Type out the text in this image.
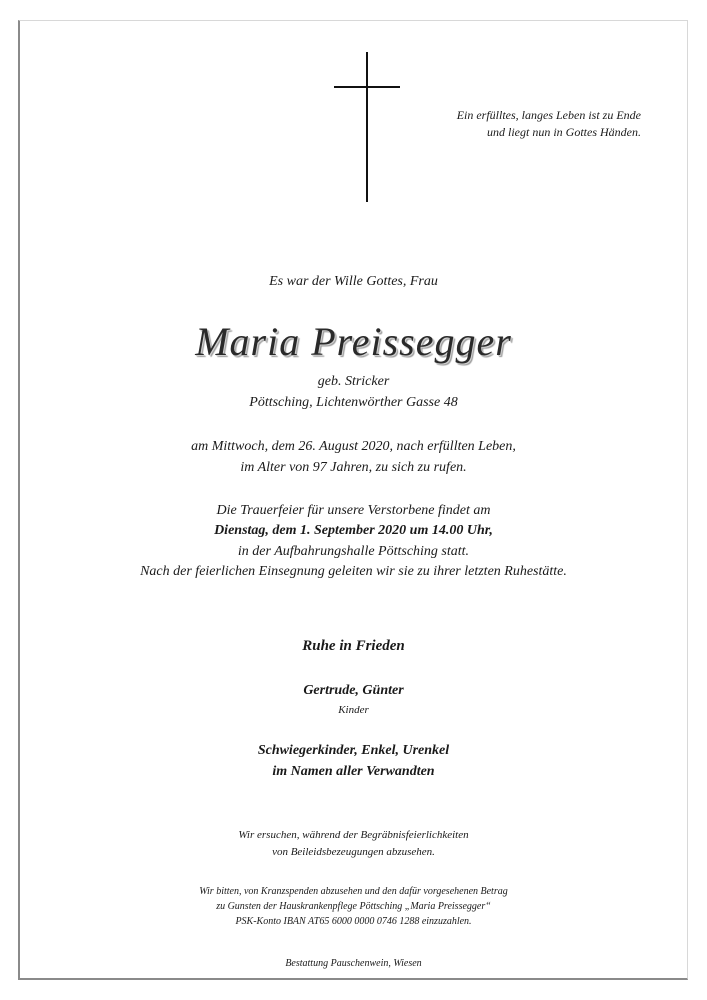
Ein erfülltes, langes Leben ist zu Ende
und liegt nun in Gottes Händen.
Es war der Wille Gottes, Frau
Maria Preissegger
geb. Stricker
Pöttsching, Lichtenwörther Gasse 48
am Mittwoch, dem 26. August 2020, nach erfüllten Leben,
im Alter von 97 Jahren, zu sich zu rufen.
Die Trauerfeier für unsere Verstorbene findet am
Dienstag, dem 1. September 2020 um 14.00 Uhr,
in der Aufbahrungshalle Pöttsching statt.
Nach der feierlichen Einsegnung geleiten wir sie zu ihrer letzten Ruhestätte.
Ruhe in Frieden
Gertrude, Günter
Kinder
Schwiegerkinder, Enkel, Urenkel
im Namen aller Verwandten
Wir ersuchen, während der Begräbnisfeierlichkeiten
von Beileidsbezeugungen abzusehen.
Wir bitten, von Kranzspenden abzusehen und den dafür vorgesehenen Betrag
zu Gunsten der Hauskrankenpflege Pöttsching „Maria Preissegger“
PSK-Konto IBAN AT65 6000 0000 0746 1288 einzuzahlen.
Bestattung Pauschenwein, Wiesen
